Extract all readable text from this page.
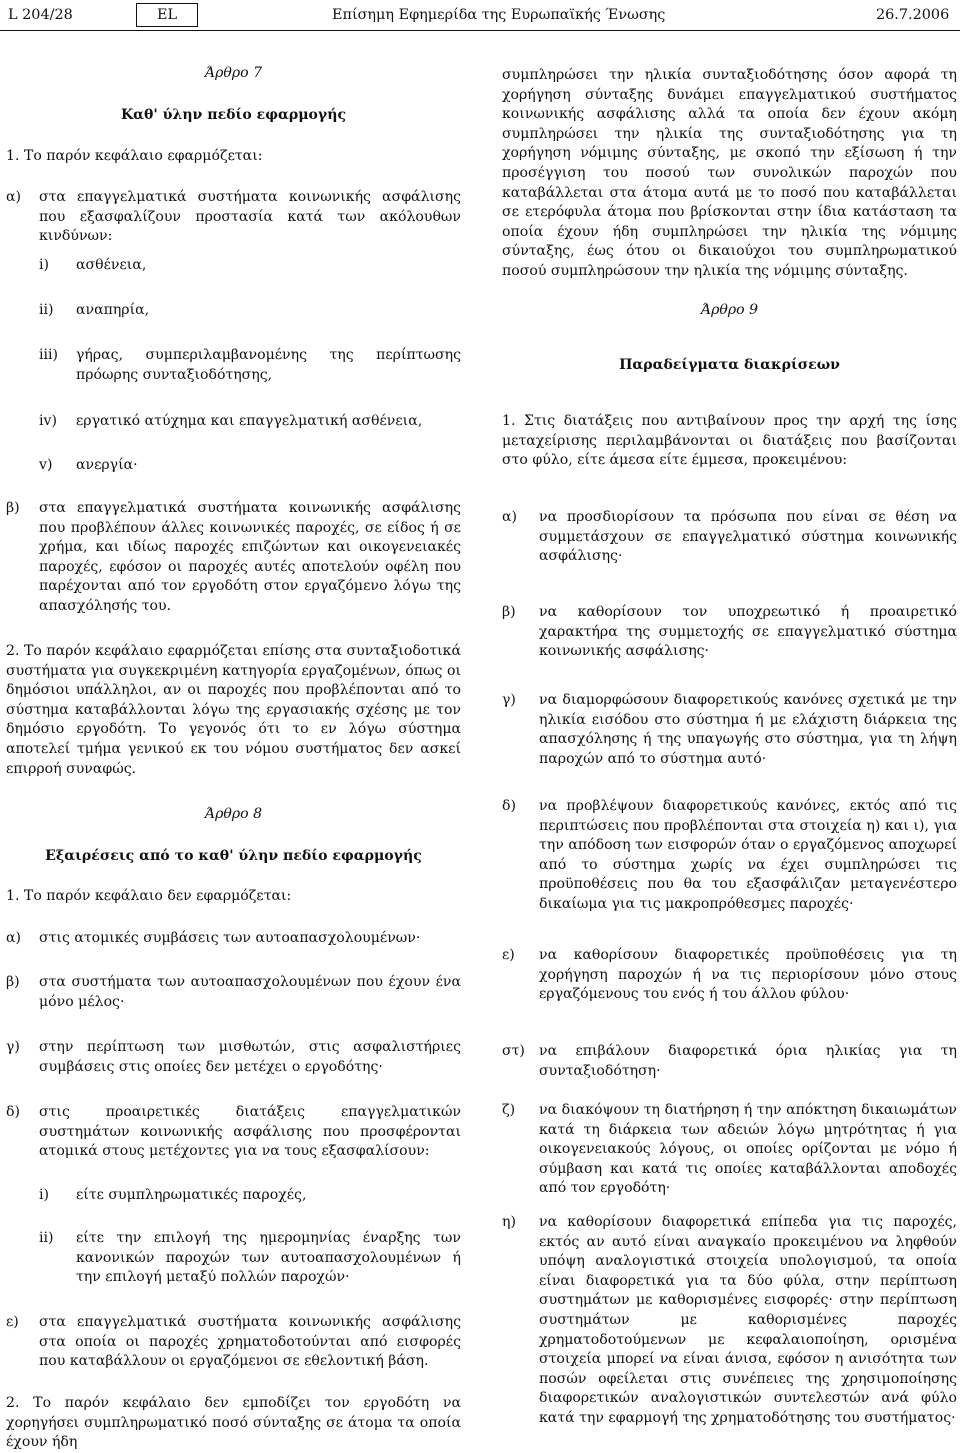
L 204/28	EL	Επίσημη Εφημερίδα της Ευρωπαϊκής Ένωσης	26.7.2006

Άρθρο 7

Καθ' ύλην πεδίο εφαρμογής

1. Το παρόν κεφάλαιο εφαρμόζεται:

α) στα επαγγελματικά συστήματα κοινωνικής ασφάλισης που εξασφαλίζουν προστασία κατά των ακόλουθων κινδύνων:
i) ασθένεια,
ii) αναπηρία,
iii) γήρας, συμπεριλαμβανομένης της περίπτωσης πρόωρης συνταξιοδότησης,
iv) εργατικό ατύχημα και επαγγελματική ασθένεια,
v) ανεργία·
β) στα επαγγελματικά συστήματα κοινωνικής ασφάλισης που προβλέπουν άλλες κοινωνικές παροχές, σε είδος ή σε χρήμα, και ιδίως παροχές επιζώντων και οικογενειακές παροχές, εφόσον οι παροχές αυτές αποτελούν οφέλη που παρέχονται από τον εργοδότη στον εργαζόμενο λόγω της απασχόλησής του.

2. Το παρόν κεφάλαιο εφαρμόζεται επίσης στα συνταξιοδοτικά συστήματα για συγκεκριμένη κατηγορία εργαζομένων, όπως οι δημόσιοι υπάλληλοι, αν οι παροχές που προβλέπονται από το σύστημα καταβάλλονται λόγω της εργασιακής σχέσης με τον δημόσιο εργοδότη. Το γεγονός ότι το εν λόγω σύστημα αποτελεί τμήμα γενικού εκ του νόμου συστήματος δεν ασκεί επιρροή συναφώς.

Άρθρο 8

Εξαιρέσεις από το καθ' ύλην πεδίο εφαρμογής

1. Το παρόν κεφάλαιο δεν εφαρμόζεται:

α) στις ατομικές συμβάσεις των αυτοαπασχολουμένων·
β) στα συστήματα των αυτοαπασχολουμένων που έχουν ένα μόνο μέλος·
γ) στην περίπτωση των μισθωτών, στις ασφαλιστήριες συμβάσεις στις οποίες δεν μετέχει ο εργοδότης·
δ) στις προαιρετικές διατάξεις επαγγελματικών συστημάτων κοινωνικής ασφάλισης που προσφέρονται ατομικά στους μετέχοντες για να τους εξασφαλίσουν:
i) είτε συμπληρωματικές παροχές,
ii) είτε την επιλογή της ημερομηνίας έναρξης των κανονικών παροχών των αυτοαπασχολουμένων ή την επιλογή μεταξύ πολλών παροχών·
ε) στα επαγγελματικά συστήματα κοινωνικής ασφάλισης στα οποία οι παροχές χρηματοδοτούνται από εισφορές που καταβάλλουν οι εργαζόμενοι σε εθελοντική βάση.

2. Το παρόν κεφάλαιο δεν εμποδίζει τον εργοδότη να χορηγήσει συμπληρωματικό ποσό σύνταξης σε άτομα τα οποία έχουν ήδη

συμπληρώσει την ηλικία συνταξιοδότησης όσον αφορά τη χορήγηση σύνταξης δυνάμει επαγγελματικού συστήματος κοινωνικής ασφάλισης αλλά τα οποία δεν έχουν ακόμη συμπληρώσει την ηλικία της συνταξιοδότησης για τη χορήγηση νόμιμης σύνταξης, με σκοπό την εξίσωση ή την προσέγγιση του ποσού των συνολικών παροχών που καταβάλλεται στα άτομα αυτά με το ποσό που καταβάλλεται σε ετερόφυλα άτομα που βρίσκονται στην ίδια κατάσταση τα οποία έχουν ήδη συμπληρώσει την ηλικία της νόμιμης σύνταξης, έως ότου οι δικαιούχοι του συμπληρωματικού ποσού συμπληρώσουν την ηλικία της νόμιμης σύνταξης.

Άρθρο 9

Παραδείγματα διακρίσεων

1. Στις διατάξεις που αντιβαίνουν προς την αρχή της ίσης μεταχείρισης περιλαμβάνονται οι διατάξεις που βασίζονται στο φύλο, είτε άμεσα είτε έμμεσα, προκειμένου:

α) να προσδιορίσουν τα πρόσωπα που είναι σε θέση να συμμετάσχουν σε επαγγελματικό σύστημα κοινωνικής ασφάλισης·
β) να καθορίσουν τον υποχρεωτικό ή προαιρετικό χαρακτήρα της συμμετοχής σε επαγγελματικό σύστημα κοινωνικής ασφάλισης·
γ) να διαμορφώσουν διαφορετικούς κανόνες σχετικά με την ηλικία εισόδου στο σύστημα ή με ελάχιστη διάρκεια της απασχόλησης ή της υπαγωγής στο σύστημα, για τη λήψη παροχών από το σύστημα αυτό·
δ) να προβλέψουν διαφορετικούς κανόνες, εκτός από τις περιπτώσεις που προβλέπονται στα στοιχεία η) και ι), για την απόδοση των εισφορών όταν ο εργαζόμενος αποχωρεί από το σύστημα χωρίς να έχει συμπληρώσει τις προϋποθέσεις που θα του εξασφάλιζαν μεταγενέστερο δικαίωμα για τις μακροπρόθεσμες παροχές·
ε) να καθορίσουν διαφορετικές προϋποθέσεις για τη χορήγηση παροχών ή να τις περιορίσουν μόνο στους εργαζόμενους του ενός ή του άλλου φύλου·
στ) να επιβάλουν διαφορετικά όρια ηλικίας για τη συνταξιοδότηση·
ζ) να διακόψουν τη διατήρηση ή την απόκτηση δικαιωμάτων κατά τη διάρκεια των αδειών λόγω μητρότητας ή για οικογενειακούς λόγους, οι οποίες ορίζονται με νόμο ή σύμβαση και κατά τις οποίες καταβάλλονται αποδοχές από τον εργοδότη·
η) να καθορίσουν διαφορετικά επίπεδα για τις παροχές, εκτός αν αυτό είναι αναγκαίο προκειμένου να ληφθούν υπόψη αναλογιστικά στοιχεία υπολογισμού, τα οποία είναι διαφορετικά για τα δύο φύλα, στην περίπτωση συστημάτων με καθορισμένες εισφορές· στην περίπτωση συστημάτων με καθορισμένες παροχές χρηματοδοτούμενων με κεφαλαιοποίηση, ορισμένα στοιχεία μπορεί να είναι άνισα, εφόσον η ανισότητα των ποσών οφείλεται στις συνέπειες της χρησιμοποίησης διαφορετικών αναλογιστικών συντελεστών ανά φύλο κατά την εφαρμογή της χρηματοδότησης του συστήματος·
